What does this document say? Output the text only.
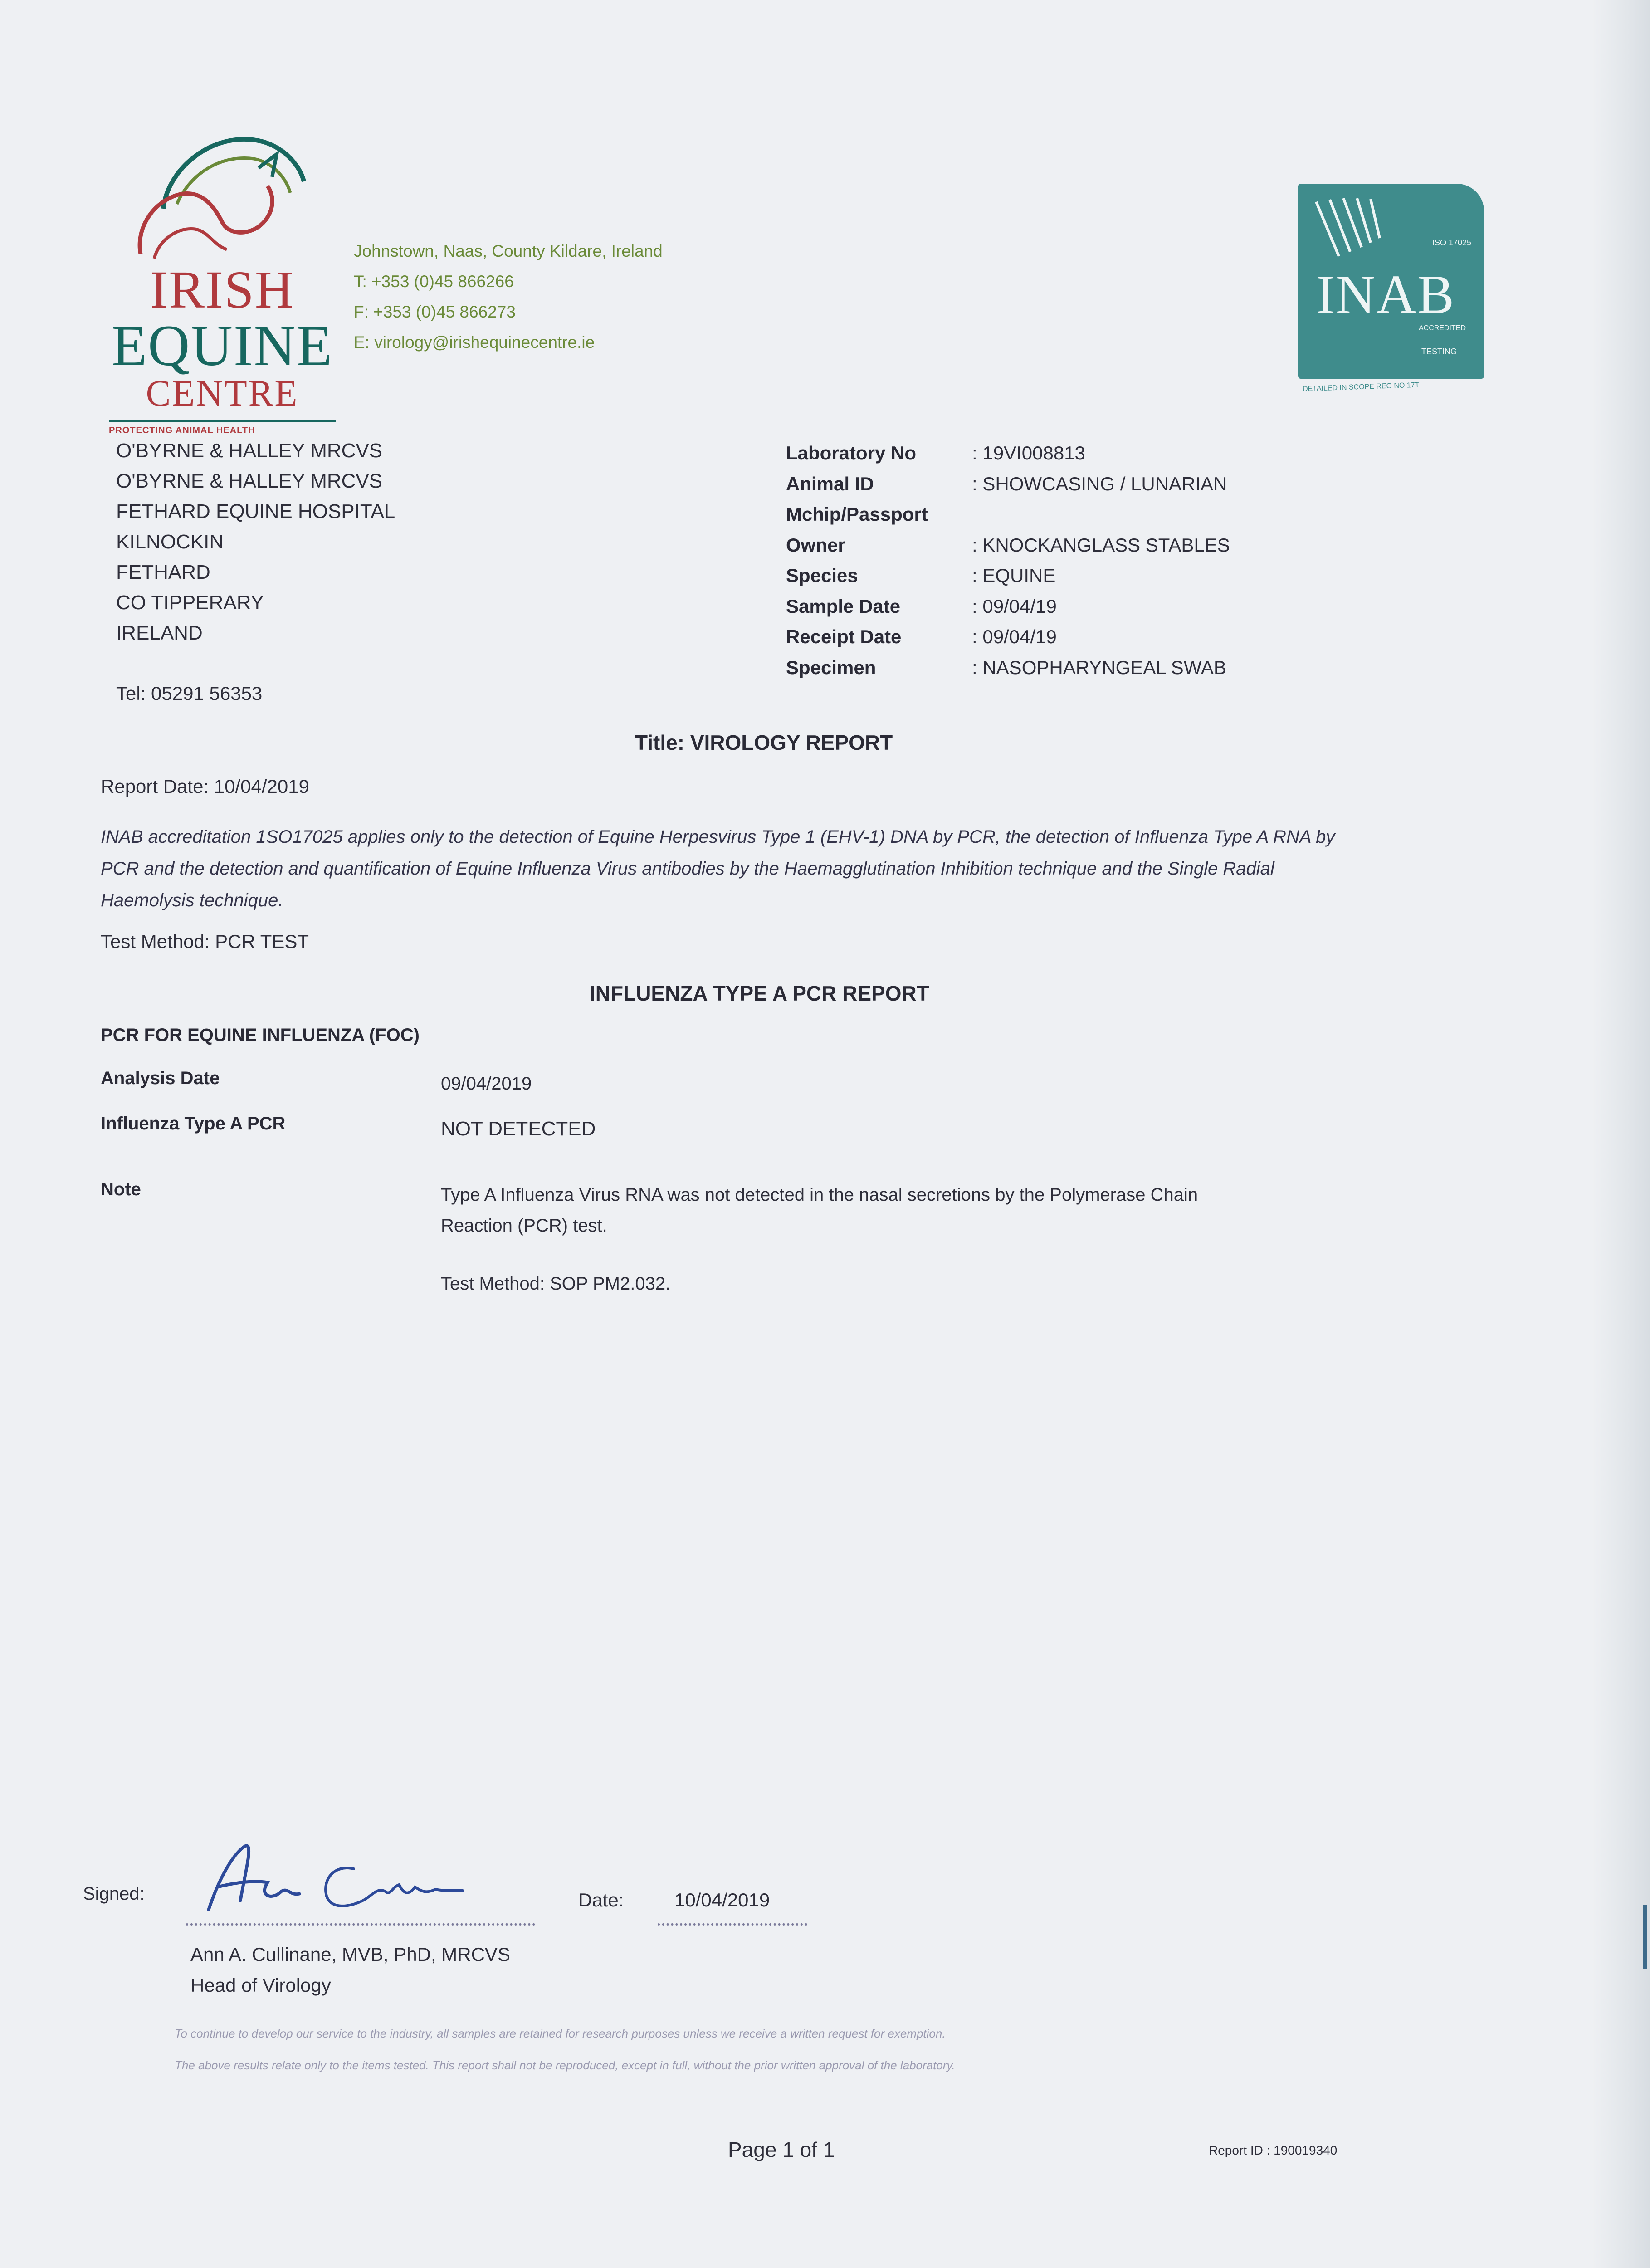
IRISH
EQUINE
CENTRE
PROTECTING ANIMAL HEALTH
Johnstown, Naas, County Kildare, Ireland
T: +353 (0)45 866266
F: +353 (0)45 866273
E: virology@irishequinecentre.ie
ISO 17025
INAB
ACCREDITED
TESTING
DETAILED IN SCOPE REG NO 17T
O'BYRNE & HALLEY MRCVS
O'BYRNE & HALLEY MRCVS
FETHARD EQUINE HOSPITAL
KILNOCKIN
FETHARD
CO TIPPERARY
IRELAND
Tel: 05291 56353
Laboratory No	: 19VI008813
Animal ID	: SHOWCASING / LUNARIAN
Mchip/Passport
Owner	: KNOCKANGLASS STABLES
Species	: EQUINE
Sample Date	: 09/04/19
Receipt Date	: 09/04/19
Specimen	: NASOPHARYNGEAL SWAB
Title: VIROLOGY REPORT
Report Date: 10/04/2019
INAB accreditation 1SO17025 applies only to the detection of Equine Herpesvirus Type 1 (EHV-1) DNA by PCR, the detection of Influenza Type A RNA by PCR and the detection and quantification of Equine Influenza Virus antibodies by the Haemagglutination Inhibition technique and the Single Radial Haemolysis technique.
Test Method: PCR TEST
INFLUENZA TYPE A PCR REPORT
PCR FOR EQUINE INFLUENZA (FOC)
Analysis Date	09/04/2019
Influenza Type A PCR	NOT DETECTED
Note	Type A Influenza Virus RNA was not detected in the nasal secretions by the Polymerase Chain Reaction (PCR) test.
Test Method: SOP PM2.032.
Signed:	Date:	10/04/2019
Ann A. Cullinane, MVB, PhD, MRCVS
Head of Virology
To continue to develop our service to the industry, all samples are retained for research purposes unless we receive a written request for exemption.
The above results relate only to the items tested. This report shall not be reproduced, except in full, without the prior written approval of the laboratory.
Page 1 of 1	Report ID : 190019340
